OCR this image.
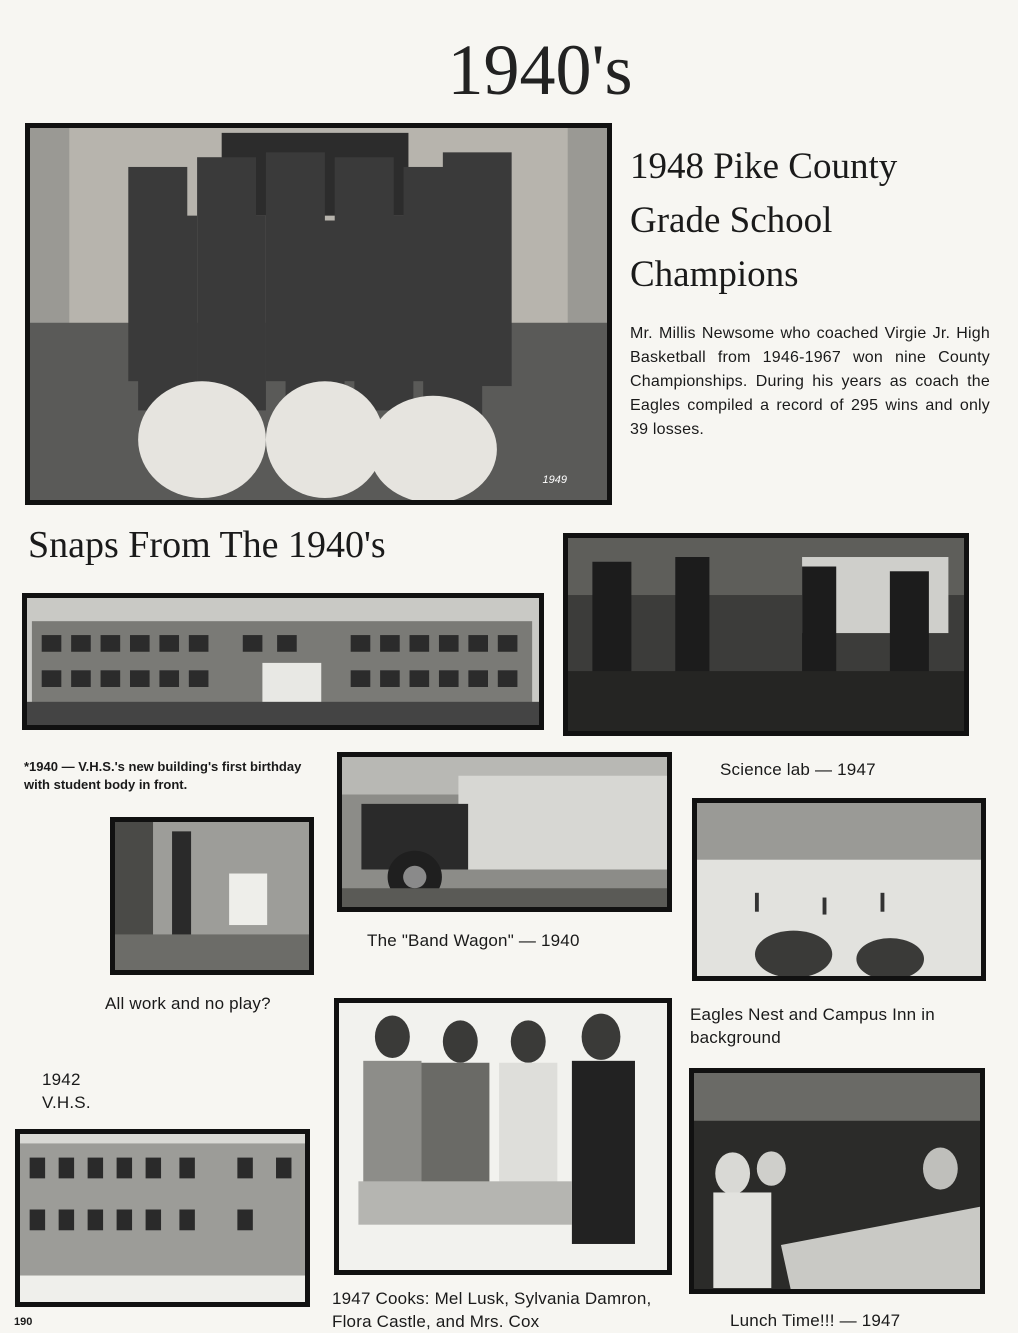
1940's
1949
1948 Pike County
Grade School
Champions
Mr. Millis Newsome who coached Virgie Jr. High Basketball from 1946-1967 won nine County Championships. During his years as coach the Eagles compiled a record of 295 wins and only 39 losses.
Snaps From The 1940's
*1940 — V.H.S.'s new building's first birthday with student body in front.
Science lab — 1947
The "Band Wagon" — 1940
All work and no play?
Eagles Nest and Campus Inn in background
1942
V.H.S.
1947 Cooks: Mel Lusk, Sylvania Damron, Flora Castle, and Mrs. Cox	Lunch Time!!! — 1947
190
